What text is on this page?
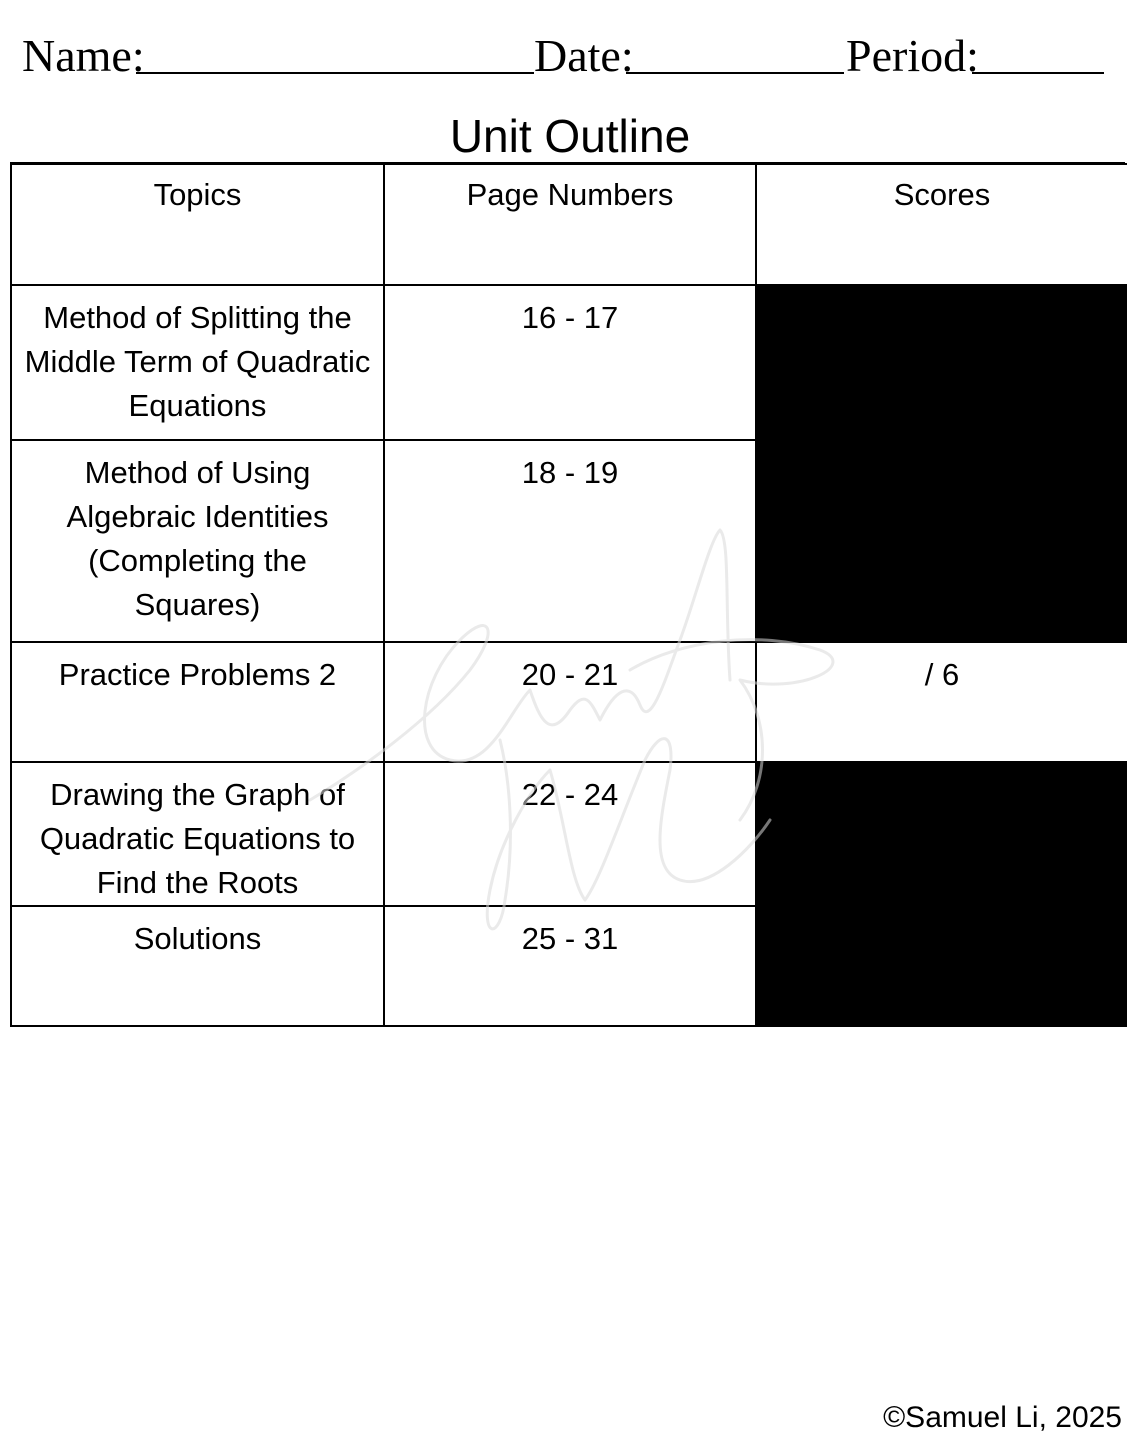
Name:	Date:	Period:
Unit Outline
Topics	Page Numbers	Scores
Method of Splitting the Middle Term of Quadratic Equations	16 - 17	
Method of Using Algebraic Identities (Completing the Squares)	18 - 19	
Practice Problems 2	20 - 21	/ 6
Drawing the Graph of Quadratic Equations to Find the Roots	22 - 24	
Solutions	25 - 31	
©Samuel Li, 2025
